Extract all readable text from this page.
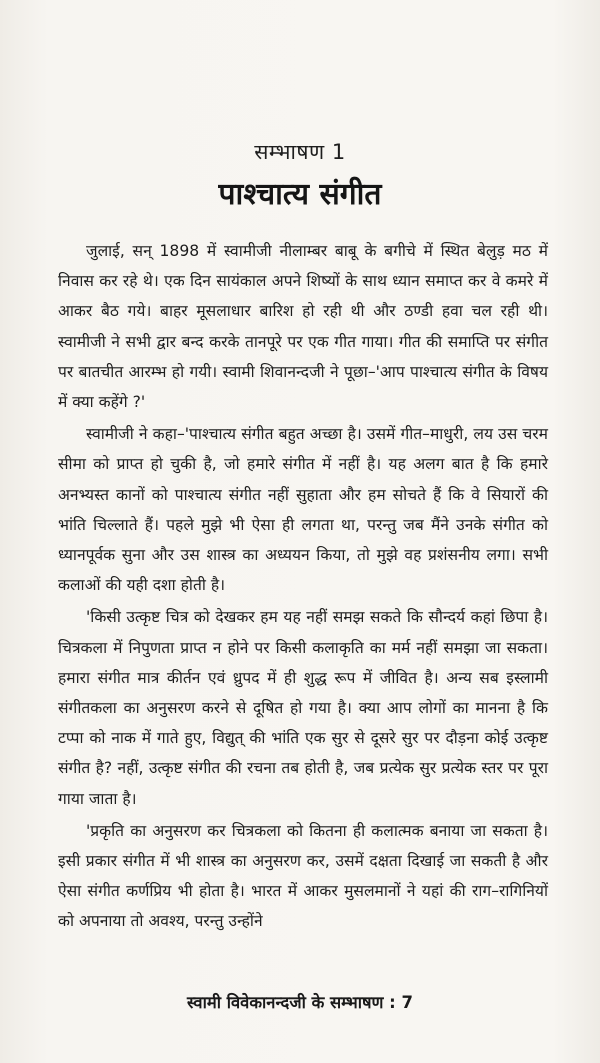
सम्भाषण 1
पाश्चात्य संगीत

जुलाई, सन् 1898 में स्वामीजी नीलाम्बर बाबू के बगीचे में स्थित बेलुड़ मठ में निवास कर रहे थे। एक दिन सायंकाल अपने शिष्यों के साथ ध्यान समाप्त कर वे कमरे में आकर बैठ गये। बाहर मूसलाधार बारिश हो रही थी और ठण्डी हवा चल रही थी। स्वामीजी ने सभी द्वार बन्द करके तानपूरे पर एक गीत गाया। गीत की समाप्ति पर संगीत पर बातचीत आरम्भ हो गयी। स्वामी शिवानन्दजी ने पूछा–'आप पाश्चात्य संगीत के विषय में क्या कहेंगे ?'

स्वामीजी ने कहा–'पाश्चात्य संगीत बहुत अच्छा है। उसमें गीत–माधुरी, लय उस चरम सीमा को प्राप्त हो चुकी है, जो हमारे संगीत में नहीं है। यह अलग बात है कि हमारे अनभ्यस्त कानों को पाश्चात्य संगीत नहीं सुहाता और हम सोचते हैं कि वे सियारों की भांति चिल्लाते हैं। पहले मुझे भी ऐसा ही लगता था, परन्तु जब मैंने उनके संगीत को ध्यानपूर्वक सुना और उस शास्त्र का अध्ययन किया, तो मुझे वह प्रशंसनीय लगा। सभी कलाओं की यही दशा होती है।

'किसी उत्कृष्ट चित्र को देखकर हम यह नहीं समझ सकते कि सौन्दर्य कहां छिपा है। चित्रकला में निपुणता प्राप्त न होने पर किसी कलाकृति का मर्म नहीं समझा जा सकता। हमारा संगीत मात्र कीर्तन एवं ध्रुपद में ही शुद्ध रूप में जीवित है। अन्य सब इस्लामी संगीतकला का अनुसरण करने से दूषित हो गया है। क्या आप लोगों का मानना है कि टप्पा को नाक में गाते हुए, विद्युत् की भांति एक सुर से दूसरे सुर पर दौड़ना कोई उत्कृष्ट संगीत है? नहीं, उत्कृष्ट संगीत की रचना तब होती है, जब प्रत्येक सुर प्रत्येक स्तर पर पूरा गाया जाता है।

'प्रकृति का अनुसरण कर चित्रकला को कितना ही कलात्मक बनाया जा सकता है। इसी प्रकार संगीत में भी शास्त्र का अनुसरण कर, उसमें दक्षता दिखाई जा सकती है और ऐसा संगीत कर्णप्रिय भी होता है। भारत में आकर मुसलमानों ने यहां की राग–रागिनियों को अपनाया तो अवश्य, परन्तु उन्होंने

स्वामी विवेकानन्दजी के सम्भाषण : 7
